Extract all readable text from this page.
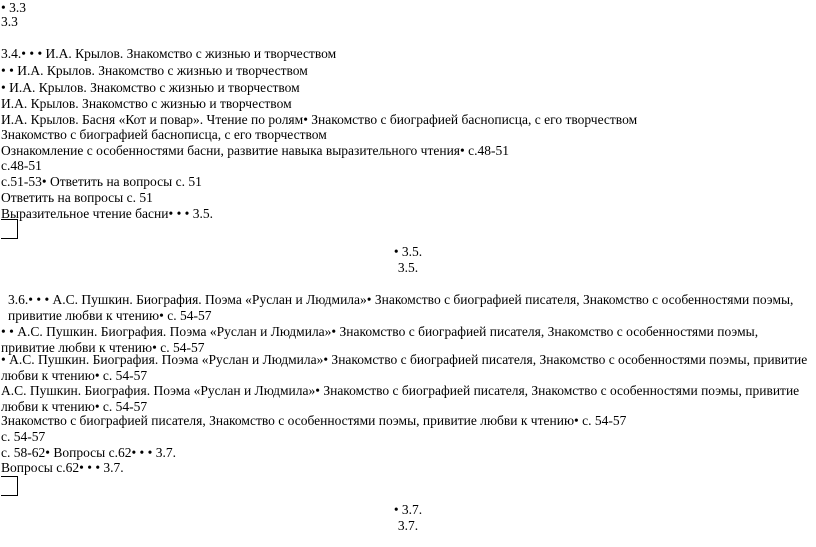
• 3.3
3.3
3.4.• • • И.А. Крылов. Знакомство с жизнью и творчеством
• • И.А. Крылов. Знакомство с жизнью и творчеством
• И.А. Крылов. Знакомство с жизнью и творчеством
И.А. Крылов. Знакомство с жизнью и творчеством
И.А. Крылов. Басня «Кот и повар». Чтение по ролям• Знакомство с биографией баснописца, с его творчеством
Знакомство с биографией баснописца, с его творчеством
Ознакомление с особенностями басни, развитие навыка выразительного чтения• с.48-51
с.48-51
с.51-53• Ответить на вопросы с. 51
Ответить на вопросы с. 51
Выразительное чтение басни• • • 3.5.
• 3.5.
3.5.
3.6.• • • А.С. Пушкин. Биография. Поэма «Руслан и Людмила»• Знакомство с биографией писателя, Знакомство с особенностями поэмы, привитие любви к чтению• с. 54-57
• • А.С. Пушкин. Биография. Поэма «Руслан и Людмила»• Знакомство с биографией писателя, Знакомство с особенностями поэмы, привитие любви к чтению• с. 54-57
• А.С. Пушкин. Биография. Поэма «Руслан и Людмила»• Знакомство с биографией писателя, Знакомство с особенностями поэмы, привитие любви к чтению• с. 54-57
А.С. Пушкин. Биография. Поэма «Руслан и Людмила»• Знакомство с биографией писателя, Знакомство с особенностями поэмы, привитие любви к чтению• с. 54-57
Знакомство с биографией писателя, Знакомство с особенностями поэмы, привитие любви к чтению• с. 54-57
с. 54-57
с. 58-62• Вопросы с.62• • • 3.7.
Вопросы с.62• • • 3.7.
• 3.7.
3.7.
